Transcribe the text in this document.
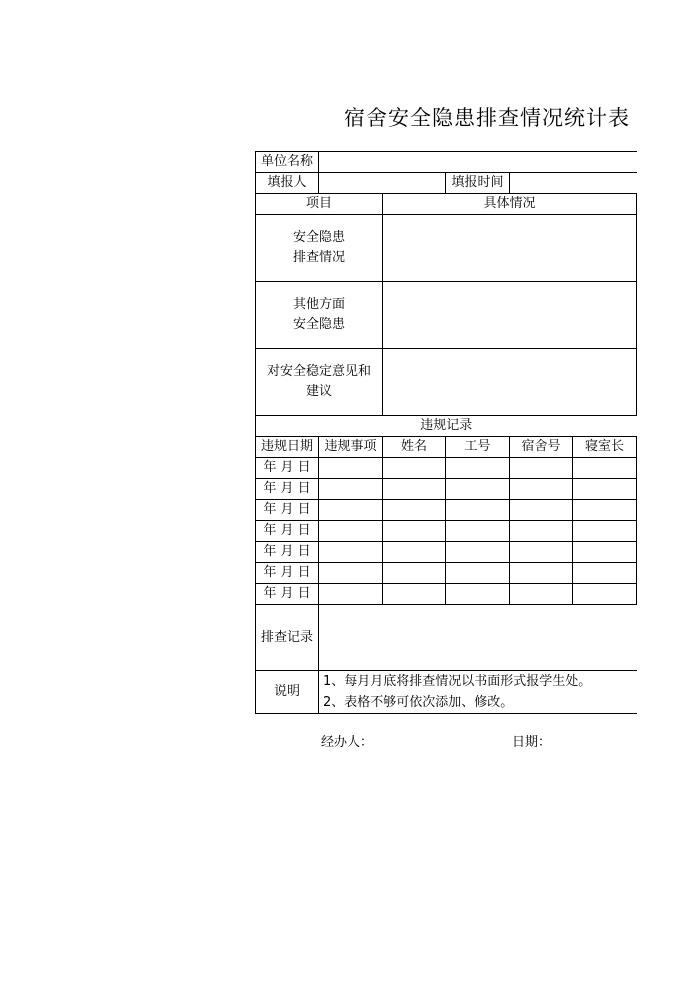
宿舍安全隐患排查情况统计表
单位名称					
填报人			填报时间		
项目		具体情况			
安全隐患
排查情况					
其他方面
安全隐患					
对安全稳定意见和
建议					
违规记录					
违规日期	违规事项	姓名	工号	宿舍号	寝室长
年 月 日					
年 月 日					
年 月 日					
年 月 日					
年 月 日					
年 月 日					
年 月 日					
排查记录					
说明	1、每月月底将排查情况以书面形式报学生处。
2、表格不够可依次添加、修改。				
经办人：	日期：
